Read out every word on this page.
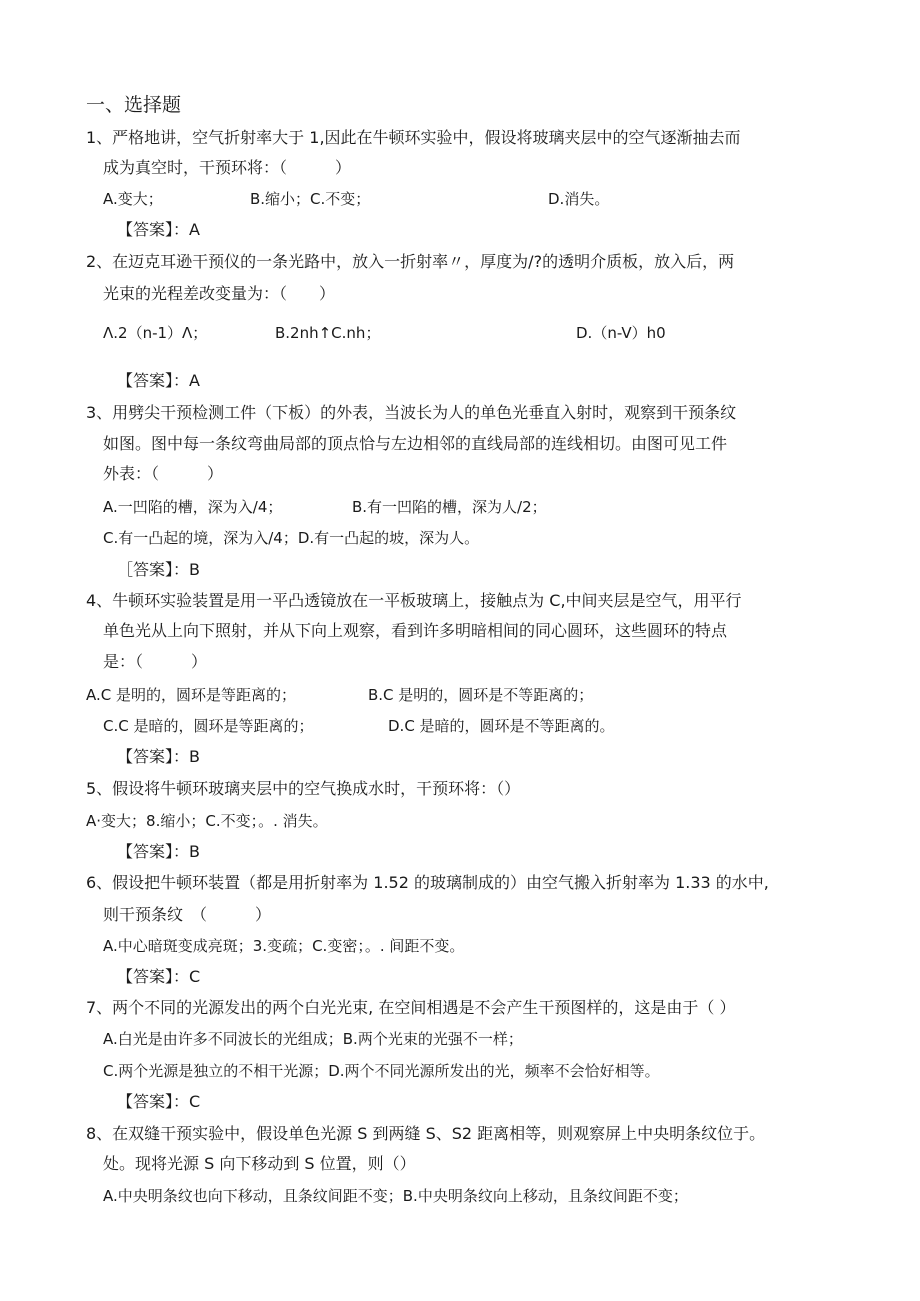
一、选择题
1、严格地讲，空气折射率大于 1,因此在牛顿环实验中，假设将玻璃夹层中的空气逐渐抽去而
成为真空时，干预环将：（　　　）
A.变大；	B.缩小；C.不变；	D.消失。
【答案】：A
2、在迈克耳逊干预仪的一条光路中，放入一折射率〃，厚度为/?的透明介质板，放入后，两
光束的光程差改变量为：（　　）
Λ.2（n-1）Λ；	B.2nh↑C.nh；	D.（n-V）h0
【答案】：A
3、用劈尖干预检测工件（下板）的外表，当波长为人的单色光垂直入射时，观察到干预条纹
如图。图中每一条纹弯曲局部的顶点恰与左边相邻的直线局部的连线相切。由图可见工件
外表：（　　　）
A.一凹陷的槽，深为入/4；	B.有一凹陷的槽，深为人/2；
C.有一凸起的境，深为入/4；D.有一凸起的坡，深为人。
［答案】：B
4、牛顿环实验装置是用一平凸透镜放在一平板玻璃上，接触点为 C,中间夹层是空气，用平行
单色光从上向下照射，并从下向上观察，看到许多明暗相间的同心圆环，这些圆环的特点
是：（　　　）
A.C 是明的，圆环是等距离的；	B.C 是明的，圆环是不等距离的；
C.C 是暗的，圆环是等距离的；	D.C 是暗的，圆环是不等距离的。
【答案】：B
5、假设将牛顿环玻璃夹层中的空气换成水时，干预环将：（）
A·变大；8.缩小；C.不变；。. 消失。
【答案】：B
6、假设把牛顿环装置（都是用折射率为 1.52 的玻璃制成的）由空气搬入折射率为 1.33 的水中,
则干预条纹　（　　　）
A.中心暗斑变成亮斑；3.变疏；C.变密；。. 间距不变。
【答案】：C
7、两个不同的光源发出的两个白光光束, 在空间相遇是不会产生干预图样的，这是由于（ ）
A.白光是由许多不同波长的光组成；B.两个光束的光强不一样；
C.两个光源是独立的不相干光源；D.两个不同光源所发出的光，频率不会恰好相等。
【答案】：C
8、在双缝干预实验中，假设单色光源 S 到两缝 S、S2 距离相等，则观察屏上中央明条纹位于。
处。现将光源 S 向下移动到 S 位置，则（）
A.中央明条纹也向下移动，且条纹间距不变；B.中央明条纹向上移动，且条纹间距不变；
